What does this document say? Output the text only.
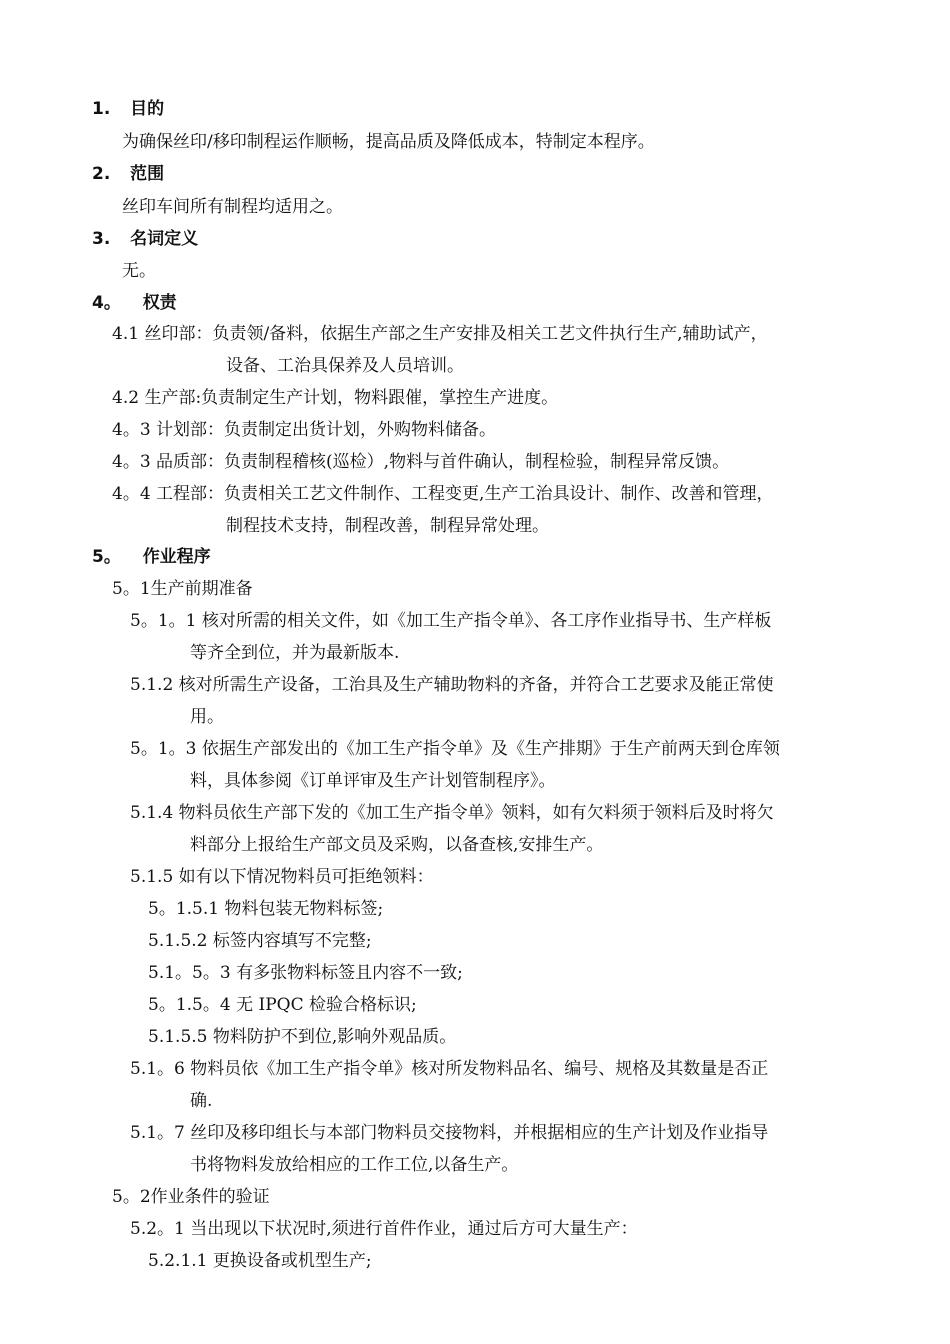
1. 目的
为确保丝印/移印制程运作顺畅，提高品质及降低成本，特制定本程序。
2. 范围
丝印车间所有制程均适用之。
3. 名词定义
无。
4。 权责
4.1 丝印部：负责领/备料，依据生产部之生产安排及相关工艺文件执行生产,辅助试产，
设备、工治具保养及人员培训。
4.2 生产部:负责制定生产计划，物料跟催，掌控生产进度。
4。3 计划部：负责制定出货计划，外购物料储备。
4。3 品质部：负责制程稽核(巡检）,物料与首件确认，制程检验，制程异常反馈。
4。4 工程部：负责相关工艺文件制作、工程变更,生产工治具设计、制作、改善和管理，
制程技术支持，制程改善，制程异常处理。
5。 作业程序
5。1生产前期准备
5。1。1 核对所需的相关文件，如《加工生产指令单》、各工序作业指导书、生产样板
等齐全到位，并为最新版本.
5.1.2 核对所需生产设备，工治具及生产辅助物料的齐备，并符合工艺要求及能正常使
用。
5。1。3 依据生产部发出的《加工生产指令单》及《生产排期》于生产前两天到仓库领
料，具体参阅《订单评审及生产计划管制程序》。
5.1.4 物料员依生产部下发的《加工生产指令单》领料，如有欠料须于领料后及时将欠
料部分上报给生产部文员及采购，以备查核,安排生产。
5.1.5 如有以下情况物料员可拒绝领料：
5。1.5.1 物料包装无物料标签;
5.1.5.2 标签内容填写不完整;
5.1。5。3 有多张物料标签且内容不一致;
5。1.5。4 无 IPQC 检验合格标识;
5.1.5.5 物料防护不到位,影响外观品质。
5.1。6 物料员依《加工生产指令单》核对所发物料品名、编号、规格及其数量是否正
确.
5.1。7 丝印及移印组长与本部门物料员交接物料，并根据相应的生产计划及作业指导
书将物料发放给相应的工作工位,以备生产。
5。2作业条件的验证
5.2。1 当出现以下状况时,须进行首件作业，通过后方可大量生产：
5.2.1.1 更换设备或机型生产;
